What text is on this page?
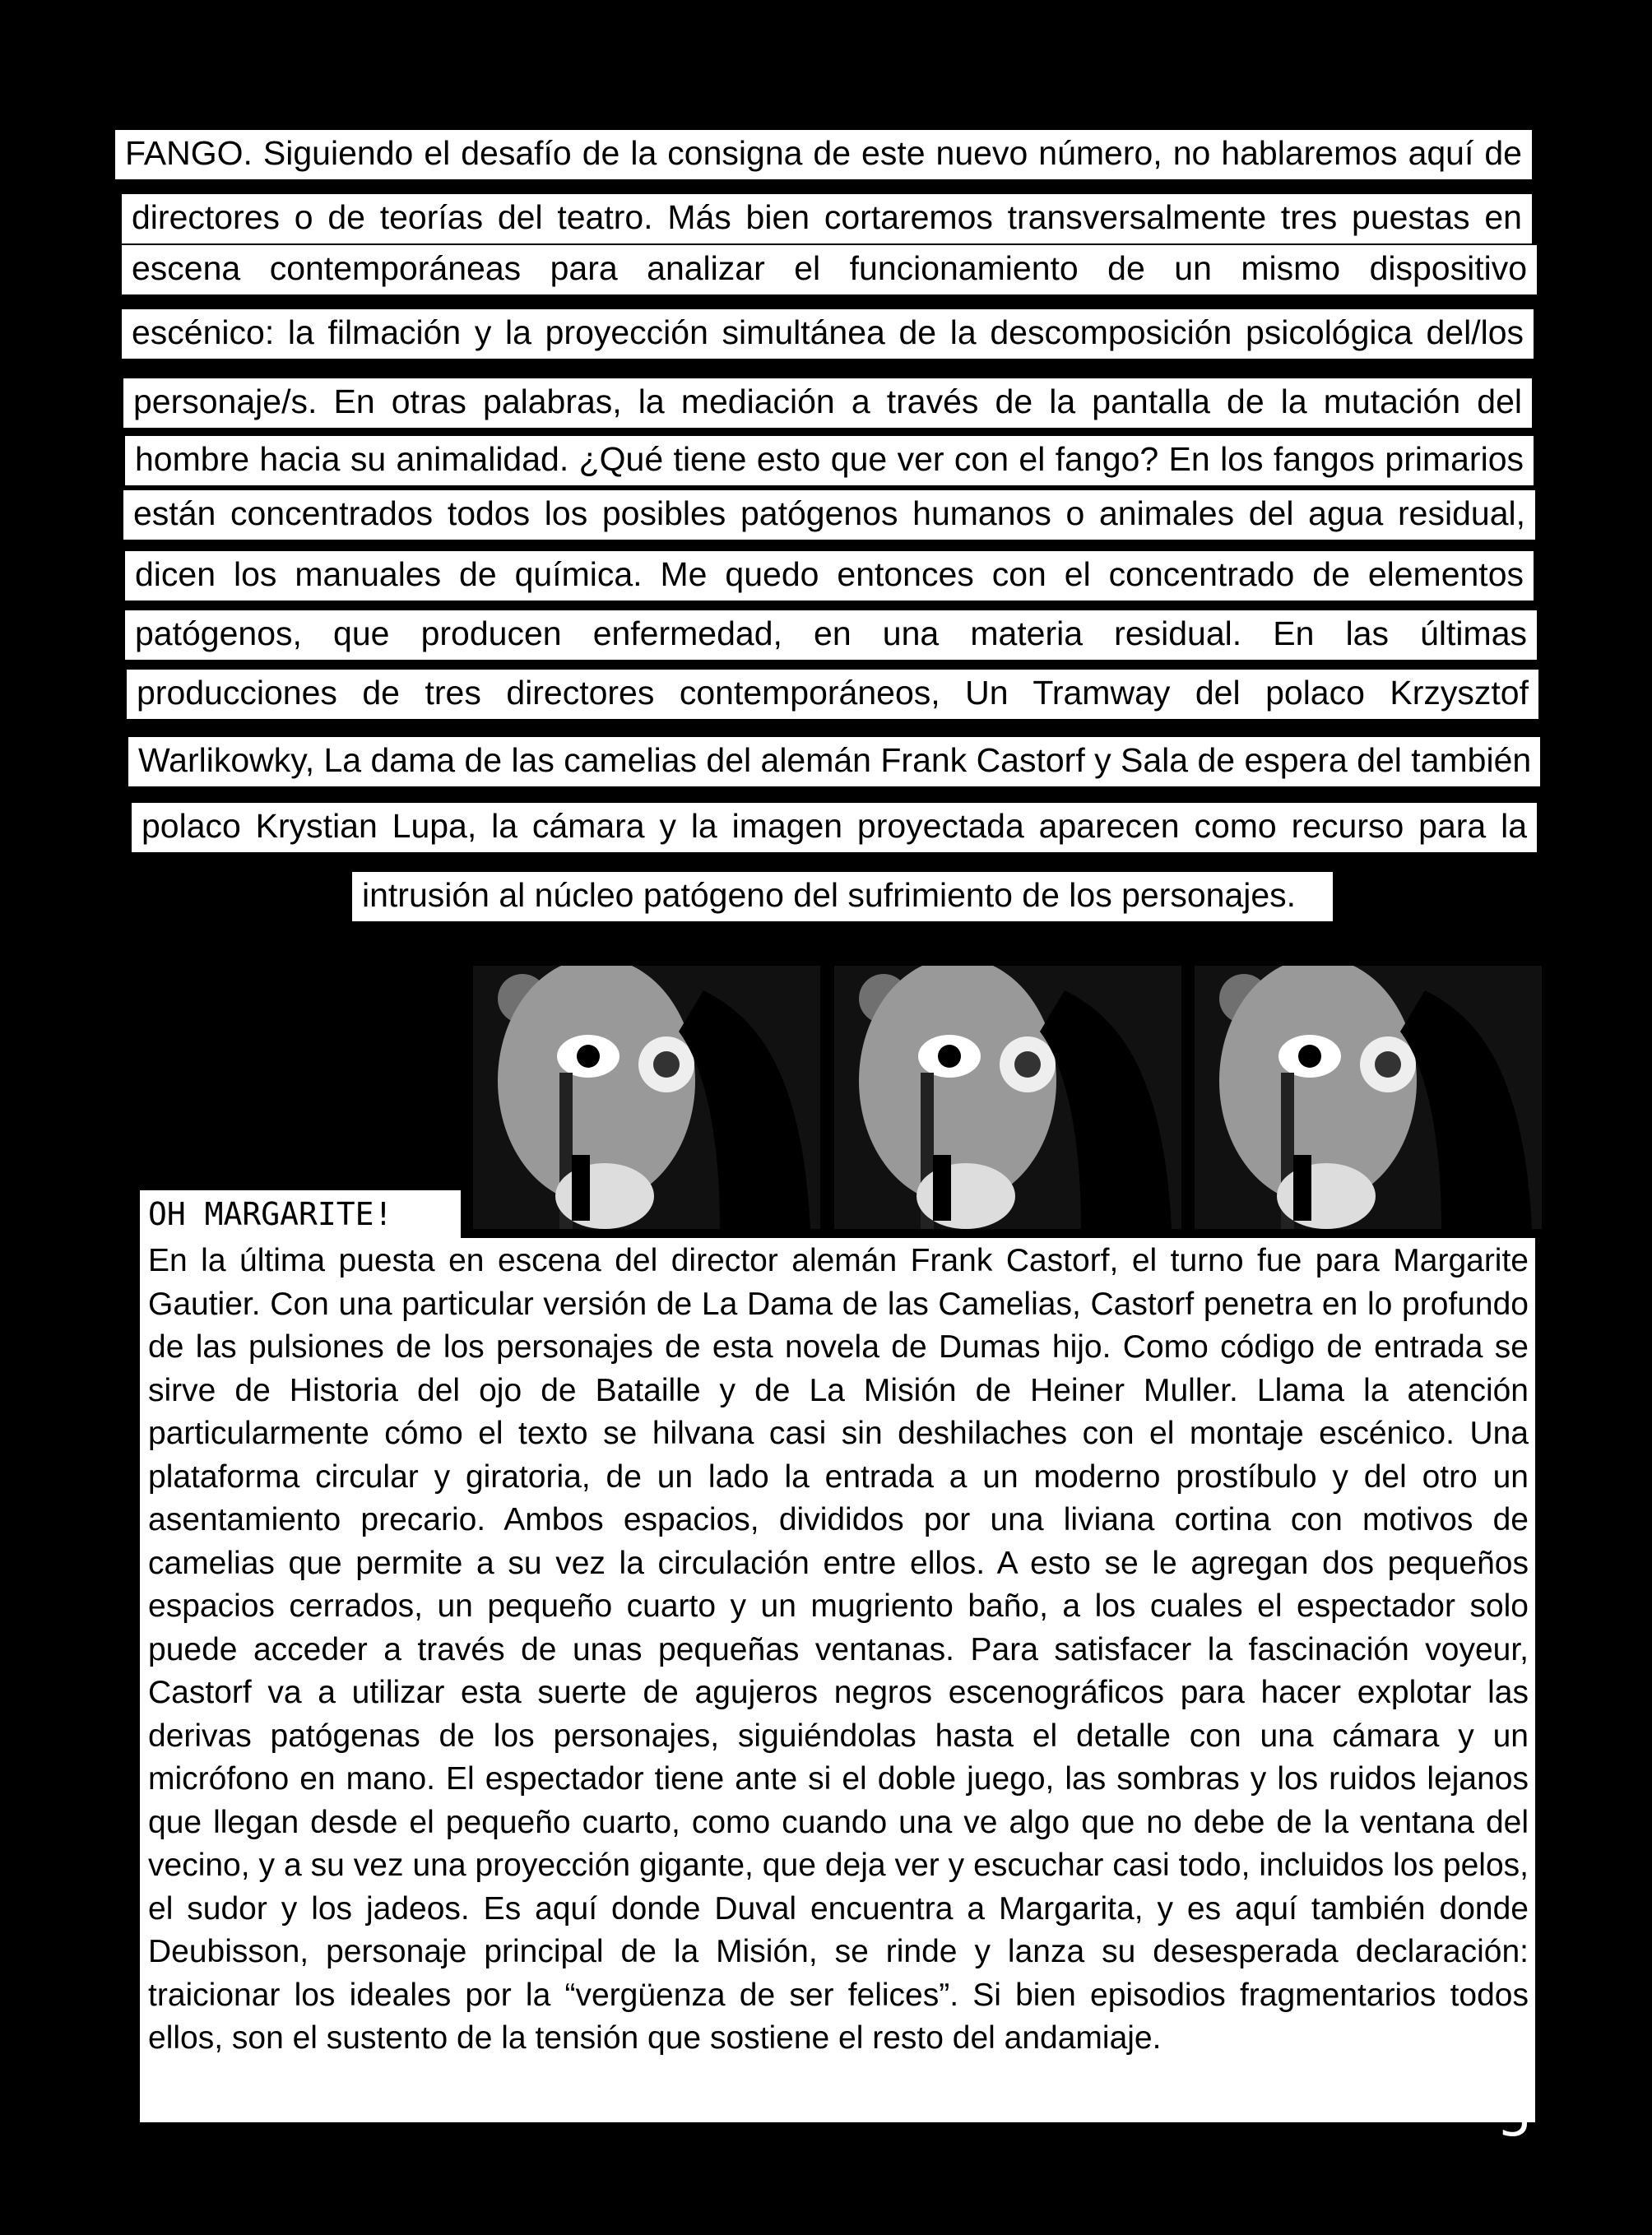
FANGO. Siguiendo el desafío de la consigna de este nuevo número, no hablaremos aquí de
directores o de teorías del teatro. Más bien cortaremos transversalmente tres puestas en
escena contemporáneas para analizar el funcionamiento de un mismo dispositivo
escénico: la filmación y la proyección simultánea de la descomposición psicológica del/los
personaje/s. En otras palabras, la mediación a través de la pantalla de la mutación del
hombre hacia su animalidad. ¿Qué tiene esto que ver con el fango? En los fangos primarios
están concentrados todos los posibles patógenos humanos o animales del agua residual,
dicen los manuales de química. Me quedo entonces con el concentrado de elementos
patógenos, que producen enfermedad, en una materia residual. En las últimas
producciones de tres directores contemporáneos, Un Tramway del polaco Krzysztof
Warlikowky, La dama de las camelias del alemán Frank Castorf y Sala de espera del también
polaco Krystian Lupa, la cámara y la imagen proyectada aparecen como recurso para la
intrusión al núcleo patógeno del sufrimiento de los personajes.
OH MARGARITE!
En la última puesta en escena del director alemán Frank Castorf, el turno fue para Margarite Gautier. Con una particular versión de La Dama de las Camelias, Castorf penetra en lo profundo de las pulsiones de los personajes de esta novela de Dumas hijo. Como código de entrada se sirve de Historia del ojo de Bataille y de La Misión de Heiner Muller. Llama la atención particularmente cómo el texto se hilvana casi sin deshilaches con el montaje escénico. Una plataforma circular y giratoria, de un lado la entrada a un moderno prostíbulo y del otro un asentamiento precario. Ambos espacios, divididos por una liviana cortina con motivos de camelias que permite a su vez la circulación entre ellos. A esto se le agregan dos pequeños espacios cerrados, un pequeño cuarto y un mugriento baño, a los cuales el espectador solo puede acceder a través de unas pequeñas ventanas. Para satisfacer la fascinación voyeur, Castorf va a utilizar esta suerte de agujeros negros escenográficos para hacer explotar las derivas patógenas de los personajes, siguiéndolas hasta el detalle con una cámara y un micrófono en mano. El espectador tiene ante si el doble juego, las sombras y los ruidos lejanos que llegan desde el pequeño cuarto, como cuando una ve algo que no debe de la ventana del vecino, y a su vez una proyección gigante, que deja ver y escuchar casi todo, incluidos los pelos, el sudor y los jadeos. Es aquí donde Duval encuentra a Margarita, y es aquí también donde Deubisson, personaje principal de la Misión, se rinde y lanza su desesperada declaración: traicionar los ideales por la “vergüenza de ser felices”. Si bien episodios fragmentarios todos ellos, son el sustento de la tensión que sostiene el resto del andamiaje.
5
